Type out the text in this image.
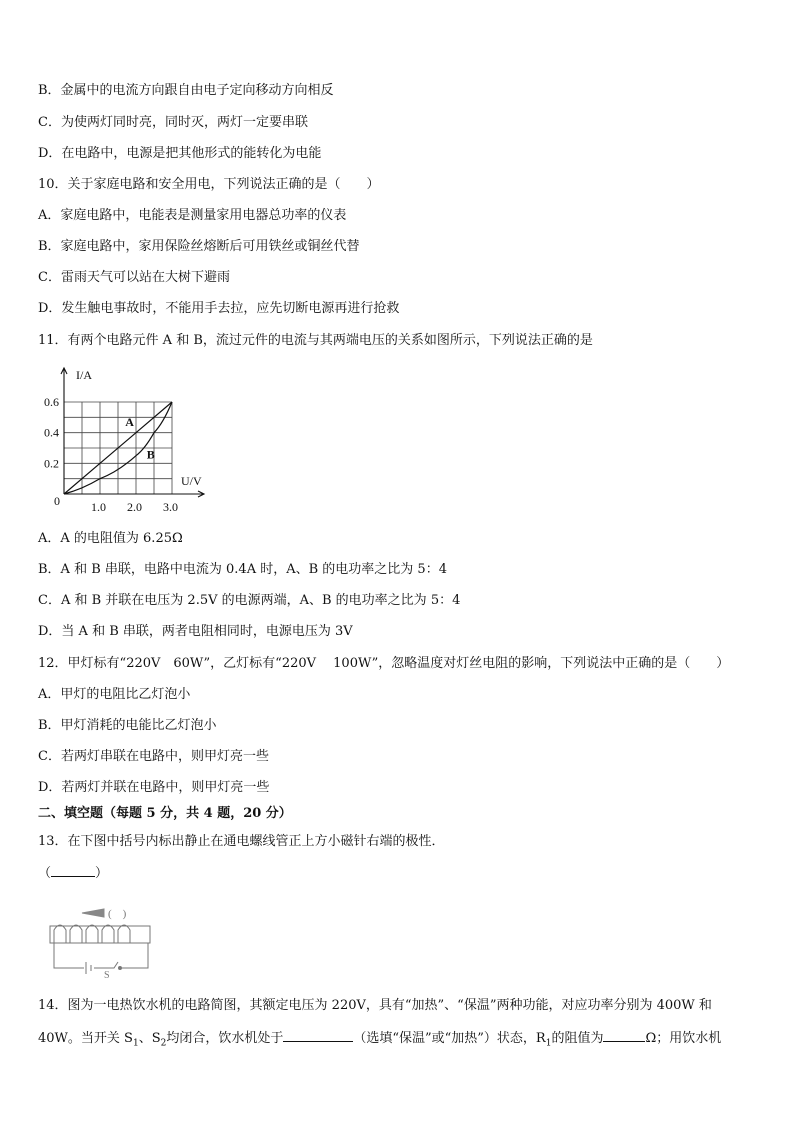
B．金属中的电流方向跟自由电子定向移动方向相反
C．为使两灯同时亮，同时灭，两灯一定要串联
D．在电路中，电源是把其他形式的能转化为电能
10．关于家庭电路和安全用电，下列说法正确的是（　　）
A．家庭电路中，电能表是测量家用电器总功率的仪表
B．家庭电路中，家用保险丝熔断后可用铁丝或铜丝代替
C．雷雨天气可以站在大树下避雨
D．发生触电事故时，不能用手去拉，应先切断电源再进行抢救
11．有两个电路元件 A 和 B，流过元件的电流与其两端电压的关系如图所示，下列说法正确的是
A
B
1.0 2.0 3.0
0.2
0.4
0.6
0
U/V
I/A
A．A 的电阻值为 6.25Ω
B．A 和 B 串联，电路中电流为 0.4A 时，A、B 的电功率之比为 5：4
C．A 和 B 并联在电压为 2.5V 的电源两端，A、B 的电功率之比为 5：4
D．当 A 和 B 串联，两者电阻相同时，电源电压为 3V
12．甲灯标有“220V　60W”，乙灯标有“220V　 100W”，忽略温度对灯丝电阻的影响，下列说法中正确的是（　　）
A．甲灯的电阻比乙灯泡小
B．甲灯消耗的电能比乙灯泡小
C．若两灯串联在电路中，则甲灯亮一些
D．若两灯并联在电路中，则甲灯亮一些
二、填空题（每题 5 分，共 4 题，20 分）
13．在下图中括号内标出静止在通电螺线管正上方小磁针右端的极性．
（	）
(　)
S
14．图为一电热饮水机的电路简图，其额定电压为 220V，具有“加热”、“保温”两种功能，对应功率分别为 400W 和
40W。当开关 $S_1$、$S_2$均闭合，饮水机处于	（选填“保温”或“加热”）状态，$R_1$的阻值为	Ω；用饮水机
